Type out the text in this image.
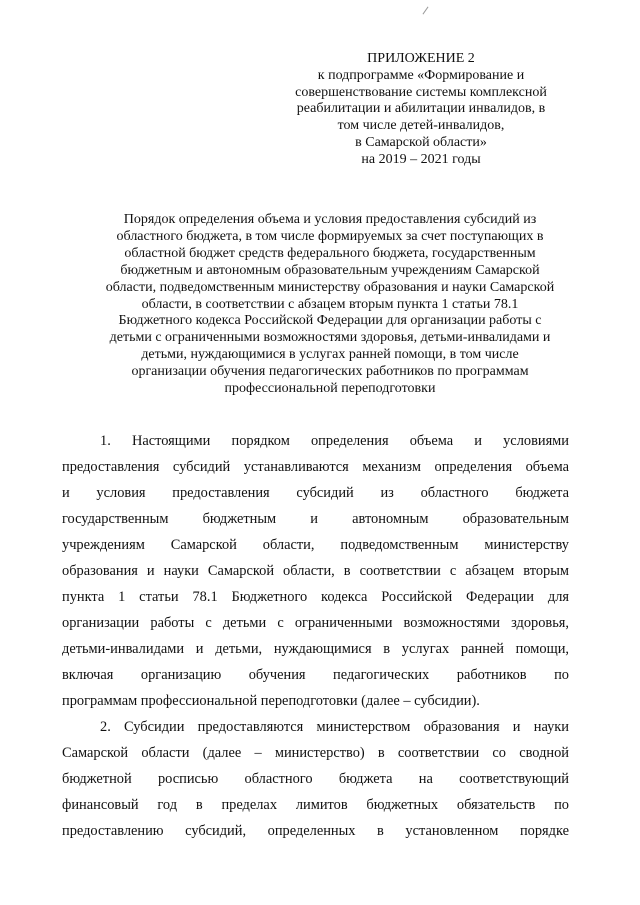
ПРИЛОЖЕНИЕ 2
к подпрограмме «Формирование и
совершенствование системы комплексной
реабилитации и абилитации инвалидов, в
том числе детей-инвалидов,
в Самарской области»
на 2019 – 2021 годы
Порядок определения объема и условия предоставления субсидий из
областного бюджета, в том числе формируемых за счет поступающих в
областной бюджет средств федерального бюджета, государственным
бюджетным и автономным образовательным учреждениям Самарской
области, подведомственным министерству образования и науки Самарской
области, в соответствии с абзацем вторым пункта 1 статьи 78.1
Бюджетного кодекса Российской Федерации для организации работы с
детьми с ограниченными возможностями здоровья, детьми-инвалидами и
детьми, нуждающимися в услугах ранней помощи, в том числе
организации обучения педагогических работников по программам
профессиональной переподготовки
1. Настоящими порядком определения объема и условиями
предоставления субсидий устанавливаются механизм определения объема
и условия предоставления субсидий из областного бюджета
государственным бюджетным и автономным образовательным
учреждениям Самарской области, подведомственным министерству
образования и науки Самарской области, в соответствии с абзацем вторым
пункта 1 статьи 78.1 Бюджетного кодекса Российской Федерации для
организации работы с детьми с ограниченными возможностями здоровья,
детьми-инвалидами и детьми, нуждающимися в услугах ранней помощи,
включая организацию обучения педагогических работников по
программам профессиональной переподготовки (далее – субсидии).
2. Субсидии предоставляются министерством образования и науки
Самарской области (далее – министерство) в соответствии со сводной
бюджетной росписью областного бюджета на соответствующий
финансовый год в пределах лимитов бюджетных обязательств по
предоставлению субсидий, определенных в установленном порядке
